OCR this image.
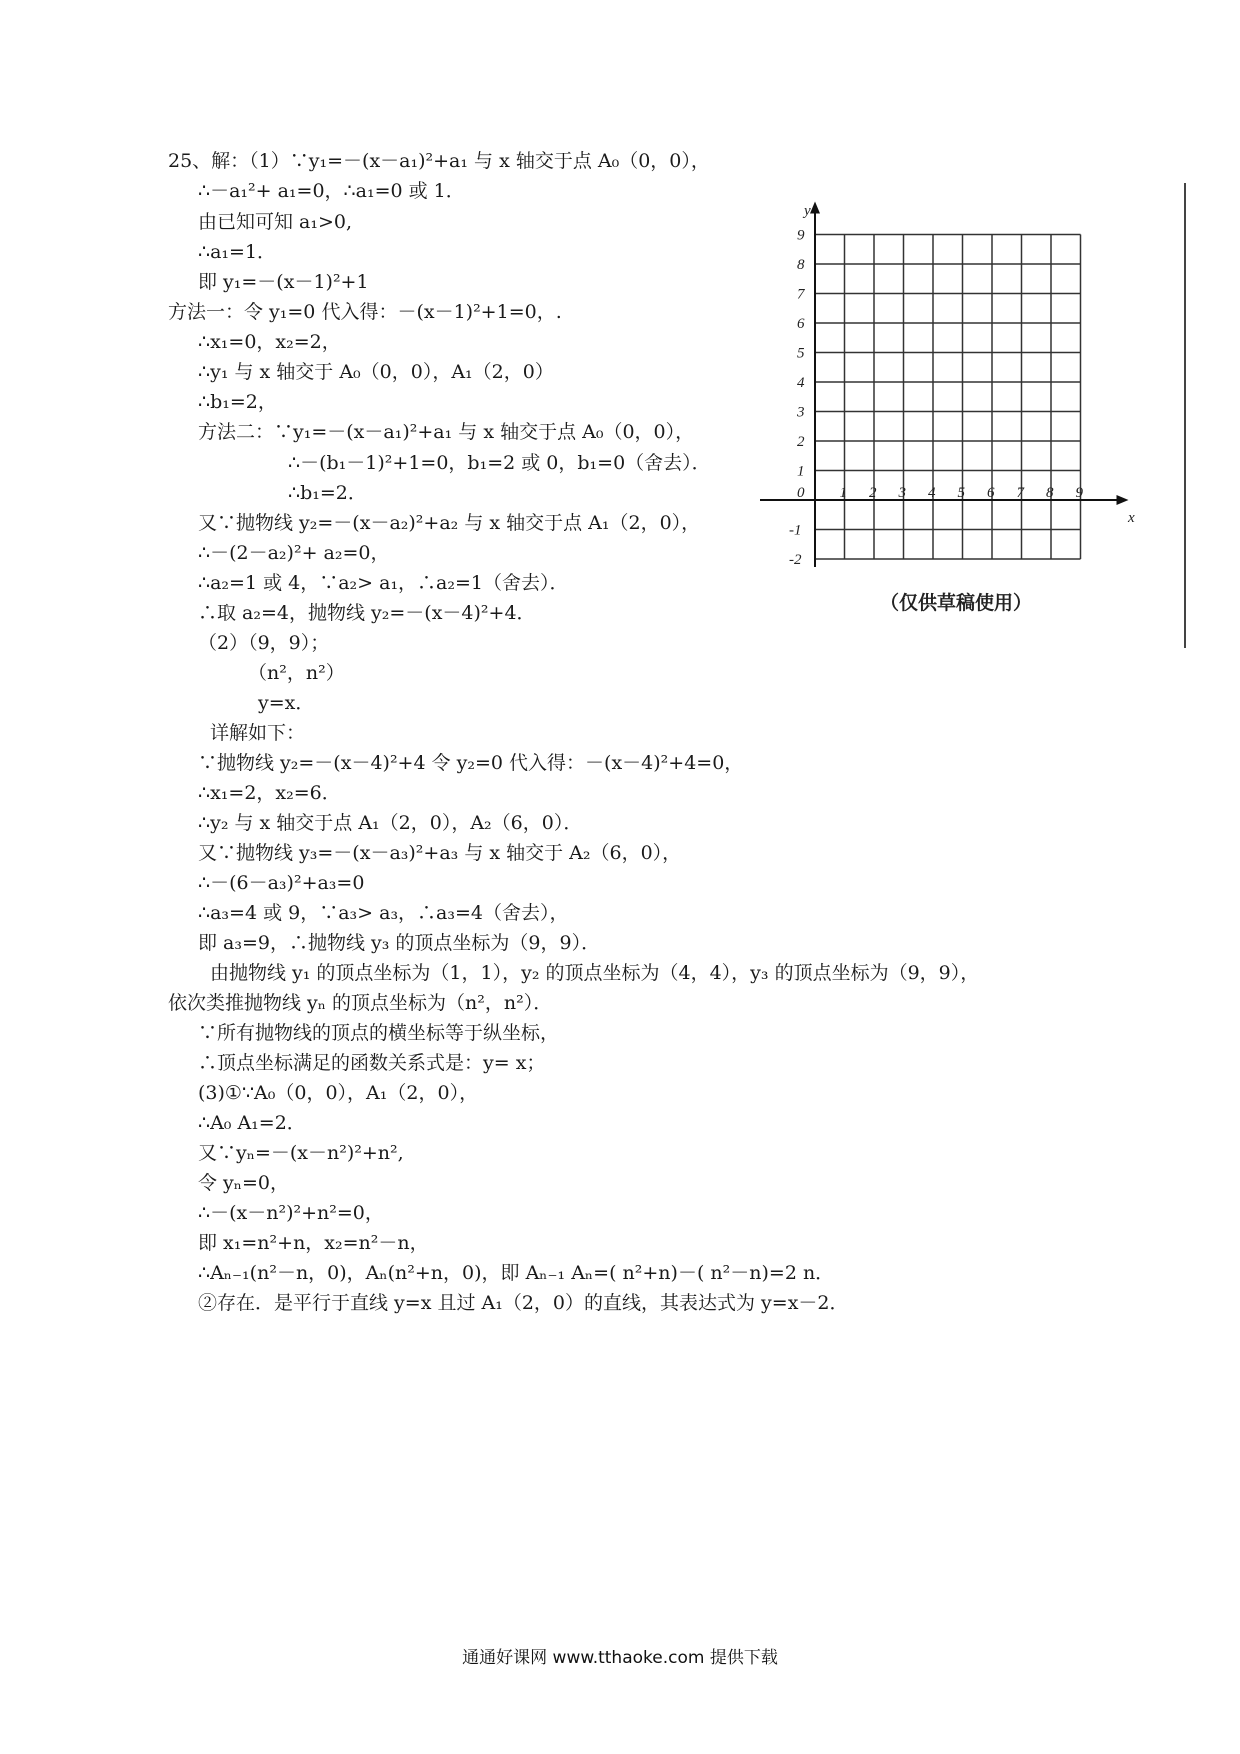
25、解：（1）∵y₁=－(x－a₁)²+a₁ 与 x 轴交于点 A₀（0，0），
∴－a₁²+ a₁=0，∴a₁=0 或 1．
由已知可知 a₁>0,
∴a₁=1．
即 y₁=－(x－1)²+1
方法一：令 y₁=0 代入得：－(x－1)²+1=0，.
∴x₁=0，x₂=2，
∴y₁ 与 x 轴交于 A₀（0，0），A₁（2，0）
∴b₁=2，
方法二：∵y₁=－(x－a₁)²+a₁ 与 x 轴交于点 A₀（0，0），
∴－(b₁－1)²+1=0，b₁=2 或 0，b₁=0（舍去）．
∴b₁=2．
又∵抛物线 y₂=－(x－a₂)²+a₂ 与 x 轴交于点 A₁（2，0），
∴－(2－a₂)²+ a₂=0，
∴a₂=1 或 4，∵a₂> a₁，∴a₂=1（舍去）．
∴取 a₂=4，抛物线 y₂=－(x－4)²+4．
（2）（9，9）；
（n²，n²）
y=x．
详解如下：
∵抛物线 y₂=－(x－4)²+4 令 y₂=0 代入得：－(x－4)²+4=0，
∴x₁=2，x₂=6．
∴y₂ 与 x 轴交于点 A₁（2，0），A₂（6，0）．
又∵抛物线 y₃=－(x－a₃)²+a₃ 与 x 轴交于 A₂（6，0），
∴－(6－a₃)²+a₃=0
∴a₃=4 或 9，∵a₃> a₃，∴a₃=4（舍去），
即 a₃=9，∴抛物线 y₃ 的顶点坐标为（9，9）．
由抛物线 y₁ 的顶点坐标为（1，1），y₂ 的顶点坐标为（4，4），y₃ 的顶点坐标为（9，9），
依次类推抛物线 yₙ 的顶点坐标为（n²，n²）．
∵所有抛物线的顶点的横坐标等于纵坐标，
∴顶点坐标满足的函数关系式是：y= x；
(3)①∵A₀（0，0），A₁（2，0），
∴A₀ A₁=2．
又∵yₙ=－(x－n²)²+n²,
令 yₙ=0，
∴－(x－n²)²+n²=0，
即 x₁=n²+n，x₂=n²－n，
∴Aₙ₋₁(n²－n，0)，Aₙ(n²+n，0)，即 Aₙ₋₁ Aₙ=( n²+n)－( n²－n)=2 n．
②存在．是平行于直线 y=x 且过 A₁（2，0）的直线，其表达式为 y=x－2．
y
x
0 1 2 3 4 5 6 7 8 9
9
8
7
6
5
4
3
2
1
-1
-2
（仅供草稿使用）
通通好课网 www.tthaoke.com 提供下载
